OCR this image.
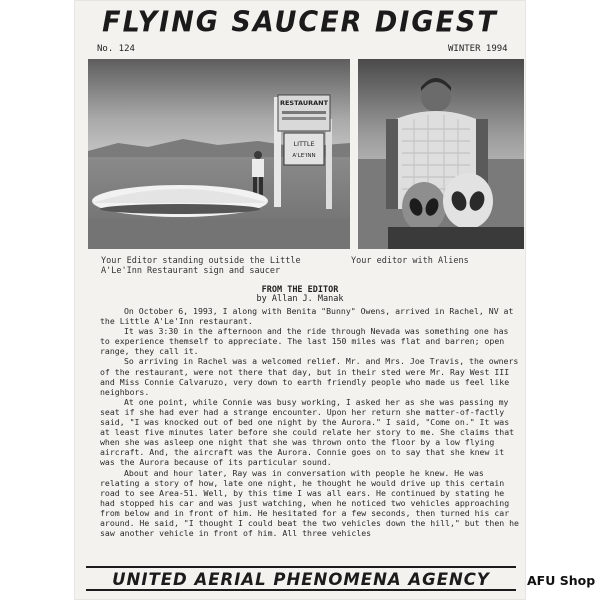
FLYING SAUCER DIGEST
No. 124	WINTER 1994
RESTAURANT
LITTLE
A'LE'INN
Your Editor standing outside the Little A'Le'Inn Restaurant sign and saucer
Your editor with Aliens
FROM THE EDITOR
by Allan J. Manak

On October 6, 1993, I along with Benita "Bunny" Owens, arrived in Rachel, NV at the Little A'Le'Inn restaurant.

It was 3:30 in the afternoon and the ride through Nevada was something one has to experience themself to appreciate. The last 150 miles was flat and barren; open range, they call it.

So arriving in Rachel was a welcomed relief. Mr. and Mrs. Joe Travis, the owners of the restaurant, were not there that day, but in their sted were Mr. Ray West III and Miss Connie Calvaruzo, very down to earth friendly people who made us feel like neighbors.

At one point, while Connie was busy working, I asked her as she was passing my seat if she had ever had a strange encounter. Upon her return she matter-of-factly said, "I was knocked out of bed one night by the Aurora." I said, "Come on." It was at least five minutes later before she could relate her story to me. She claims that when she was asleep one night that she was thrown onto the floor by a low flying aircraft. And, the aircraft was the Aurora. Connie goes on to say that she knew it was the Aurora because of its particular sound.

About and hour later, Ray was in conversation with people he knew. He was relating a story of how, late one night, he thought he would drive up this certain road to see Area-51. Well, by this time I was all ears. He continued by stating he had stopped his car and was just watching, when he noticed two vehicles approaching from below and in front of him. He hesitated for a few seconds, then turned his car around. He said, "I thought I could beat the two vehicles down the hill," but then he saw another vehicle in front of him. All three vehicles

UNITED AERIAL PHENOMENA AGENCY	AFU Shop
